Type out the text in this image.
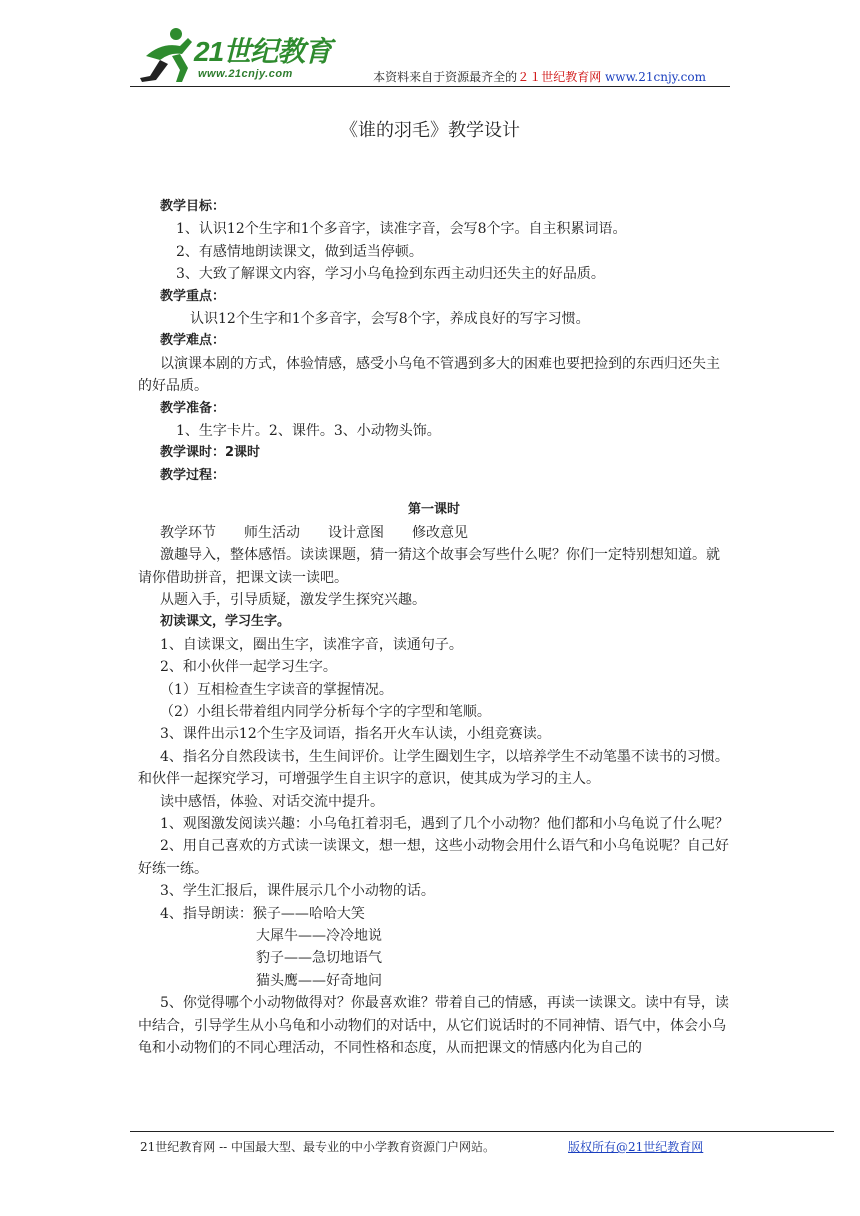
21世纪教育
www.21cnjy.com	本资料来自于资源最齐全的２１世纪教育网 www.21cnjy.com
《谁的羽毛》教学设计

教学目标：

1、认识12个生字和1个多音字，读准字音，会写8个字。自主积累词语。

2、有感情地朗读课文，做到适当停顿。

3、大致了解课文内容，学习小乌龟捡到东西主动归还失主的好品质。

教学重点：

认识12个生字和1个多音字，会写8个字，养成良好的写字习惯。

教学难点：

以演课本剧的方式，体验情感，感受小乌龟不管遇到多大的困难也要把捡到的东西归还失主的好品质。

教学准备：

1、生字卡片。2、课件。3、小动物头饰。

教学课时：2课时

教学过程：

第一课时

教学环节　　师生活动　　设计意图　　修改意见

激趣导入，整体感悟。读读课题，猜一猜这个故事会写些什么呢？你们一定特别想知道。就请你借助拼音，把课文读一读吧。

从题入手，引导质疑，激发学生探究兴趣。

初读课文，学习生字。

1、自读课文，圈出生字，读准字音，读通句子。

2、和小伙伴一起学习生字。

（1）互相检查生字读音的掌握情况。

（2）小组长带着组内同学分析每个字的字型和笔顺。

3、课件出示12个生字及词语，指名开火车认读，小组竞赛读。

4、指名分自然段读书，生生间评价。让学生圈划生字，以培养学生不动笔墨不读书的习惯。和伙伴一起探究学习，可增强学生自主识字的意识，使其成为学习的主人。

读中感悟，体验、对话交流中提升。

1、观图激发阅读兴趣：小乌龟扛着羽毛，遇到了几个小动物？他们都和小乌龟说了什么呢？

2、用自己喜欢的方式读一读课文，想一想，这些小动物会用什么语气和小乌龟说呢？自己好好练一练。

3、学生汇报后，课件展示几个小动物的话。

4、指导朗读：猴子——哈哈大笑

大犀牛——冷冷地说

豹子——急切地语气

猫头鹰——好奇地问

5、你觉得哪个小动物做得对？你最喜欢谁？带着自己的情感，再读一读课文。读中有导，读中结合，引导学生从小乌龟和小动物们的对话中，从它们说话时的不同神情、语气中，体会小乌龟和小动物们的不同心理活动，不同性格和态度，从而把课文的情感内化为自己的

21世纪教育网 -- 中国最大型、最专业的中小学教育资源门户网站。	版权所有@21世纪教育网
